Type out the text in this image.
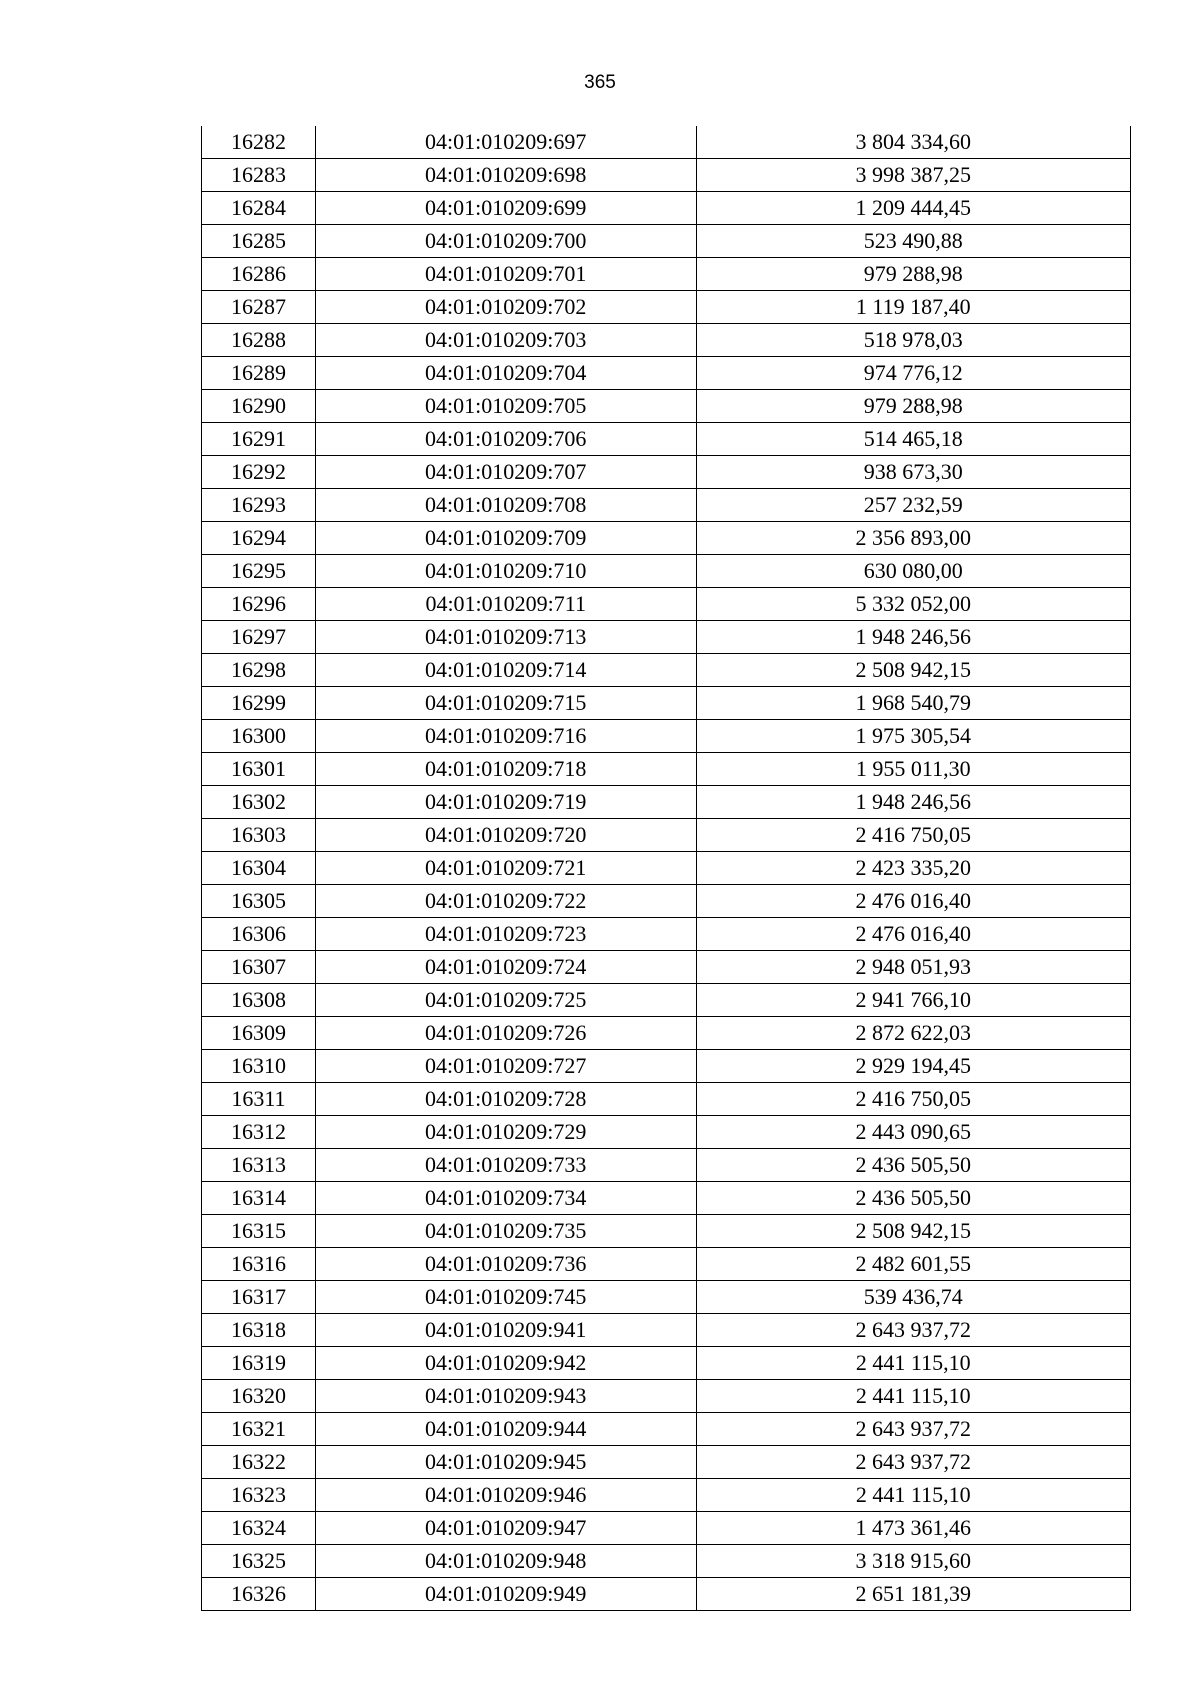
365
16282	04:01:010209:697	3 804 334,60
16283	04:01:010209:698	3 998 387,25
16284	04:01:010209:699	1 209 444,45
16285	04:01:010209:700	523 490,88
16286	04:01:010209:701	979 288,98
16287	04:01:010209:702	1 119 187,40
16288	04:01:010209:703	518 978,03
16289	04:01:010209:704	974 776,12
16290	04:01:010209:705	979 288,98
16291	04:01:010209:706	514 465,18
16292	04:01:010209:707	938 673,30
16293	04:01:010209:708	257 232,59
16294	04:01:010209:709	2 356 893,00
16295	04:01:010209:710	630 080,00
16296	04:01:010209:711	5 332 052,00
16297	04:01:010209:713	1 948 246,56
16298	04:01:010209:714	2 508 942,15
16299	04:01:010209:715	1 968 540,79
16300	04:01:010209:716	1 975 305,54
16301	04:01:010209:718	1 955 011,30
16302	04:01:010209:719	1 948 246,56
16303	04:01:010209:720	2 416 750,05
16304	04:01:010209:721	2 423 335,20
16305	04:01:010209:722	2 476 016,40
16306	04:01:010209:723	2 476 016,40
16307	04:01:010209:724	2 948 051,93
16308	04:01:010209:725	2 941 766,10
16309	04:01:010209:726	2 872 622,03
16310	04:01:010209:727	2 929 194,45
16311	04:01:010209:728	2 416 750,05
16312	04:01:010209:729	2 443 090,65
16313	04:01:010209:733	2 436 505,50
16314	04:01:010209:734	2 436 505,50
16315	04:01:010209:735	2 508 942,15
16316	04:01:010209:736	2 482 601,55
16317	04:01:010209:745	539 436,74
16318	04:01:010209:941	2 643 937,72
16319	04:01:010209:942	2 441 115,10
16320	04:01:010209:943	2 441 115,10
16321	04:01:010209:944	2 643 937,72
16322	04:01:010209:945	2 643 937,72
16323	04:01:010209:946	2 441 115,10
16324	04:01:010209:947	1 473 361,46
16325	04:01:010209:948	3 318 915,60
16326	04:01:010209:949	2 651 181,39
